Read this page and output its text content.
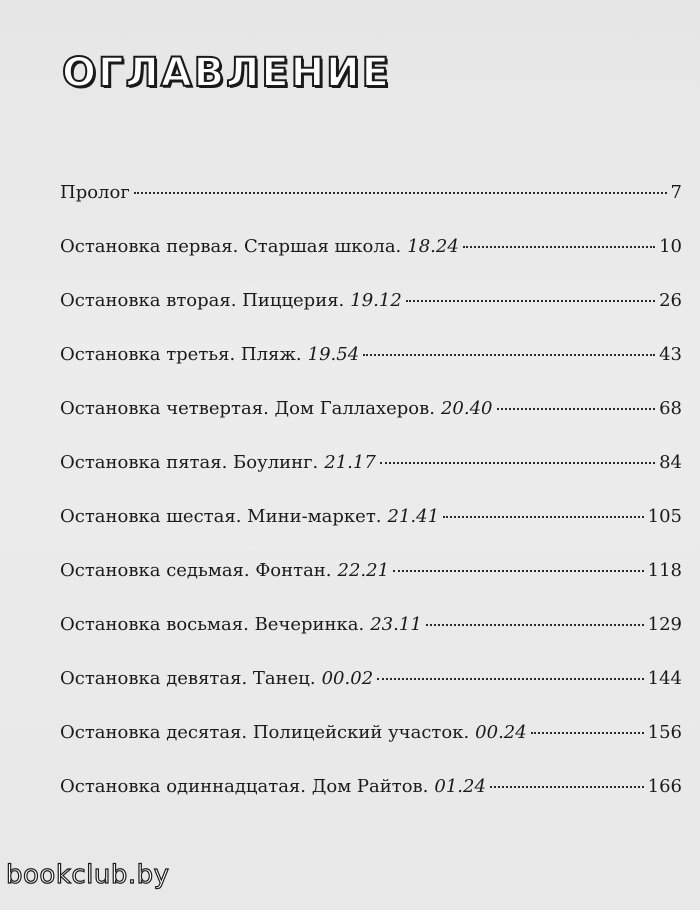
ОГЛАВЛЕНИЕ
Пролог	7
Остановка первая. Старшая школа. 18.24	10
Остановка вторая. Пиццерия. 19.12	26
Остановка третья. Пляж. 19.54	43
Остановка четвертая. Дом Галлахеров. 20.40	68
Остановка пятая. Боулинг. 21.17	84
Остановка шестая. Мини-маркет. 21.41	105
Остановка седьмая. Фонтан. 22.21	118
Остановка восьмая. Вечеринка. 23.11	129
Остановка девятая. Танец. 00.02	144
Остановка десятая. Полицейский участок. 00.24	156
Остановка одиннадцатая. Дом Райтов. 01.24	166
bookclub.by
